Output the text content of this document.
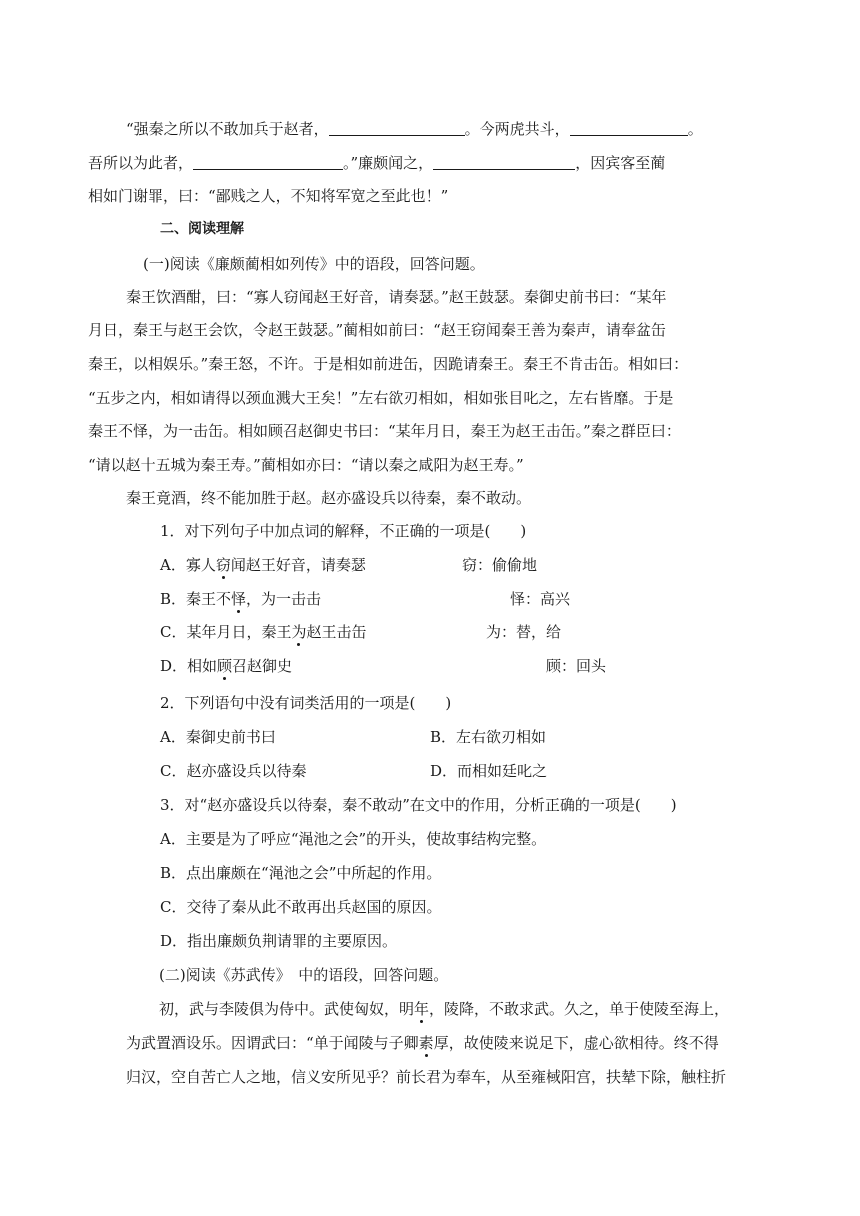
“强秦之所以不敢加兵于赵者，	。今两虎共斗，	。
吾所以为此者，	。”廉颇闻之，	，因宾客至蔺
相如门谢罪，曰：“鄙贱之人，不知将军宽之至此也！”
二、阅读理解
(一)阅读《廉颇蔺相如列传》中的语段，回答问题。
秦王饮酒酣，曰：“寡人窃闻赵王好音，请奏瑟。”赵王鼓瑟。秦御史前书曰：“某年
月日，秦王与赵王会饮，令赵王鼓瑟。”蔺相如前曰：“赵王窃闻秦王善为秦声，请奉盆缶
秦王，以相娱乐。”秦王怒，不许。于是相如前进缶，因跪请秦王。秦王不肯击缶。相如曰：
“五步之内，相如请得以颈血溅大王矣！”左右欲刃相如，相如张目叱之，左右皆靡。于是
秦王不怿，为一击缶。相如顾召赵御史书曰：“某年月日，秦王为赵王击缶。”秦之群臣曰：
“请以赵十五城为秦王寿。”蔺相如亦曰：“请以秦之咸阳为赵王寿。”
秦王竟酒，终不能加胜于赵。赵亦盛设兵以待秦，秦不敢动。
1．对下列句子中加点词的解释，不正确的一项是(　　)
A．寡人窃闻赵王好音，请奏瑟	窃：偷偷地
B．秦王不怿，为一击击	怿：高兴
C．某年月日，秦王为赵王击缶	为：替，给
D．相如顾召赵御史	顾：回头
2．下列语句中没有词类活用的一项是(　　)
A．秦御史前书曰	B．左右欲刃相如
C．赵亦盛设兵以待秦	D．而相如廷叱之
3．对“赵亦盛设兵以待秦，秦不敢动”在文中的作用，分析正确的一项是(　　)
A．主要是为了呼应“渑池之会”的开头，使故事结构完整。
B．点出廉颇在“渑池之会”中所起的作用。
C．交待了秦从此不敢再出兵赵国的原因。
D．指出廉颇负荆请罪的主要原因。
(二)阅读《苏武传》　中的语段，回答问题。
初，武与李陵俱为侍中。武使匈奴，明年，陵降，不敢求武。久之，单于使陵至海上，
为武置酒设乐。因谓武曰：“单于闻陵与子卿素厚，故使陵来说足下，虚心欲相待。终不得
归汉，空自苦亡人之地，信义安所见乎？前长君为奉车，从至雍棫阳宫，扶辇下除，触柱折
